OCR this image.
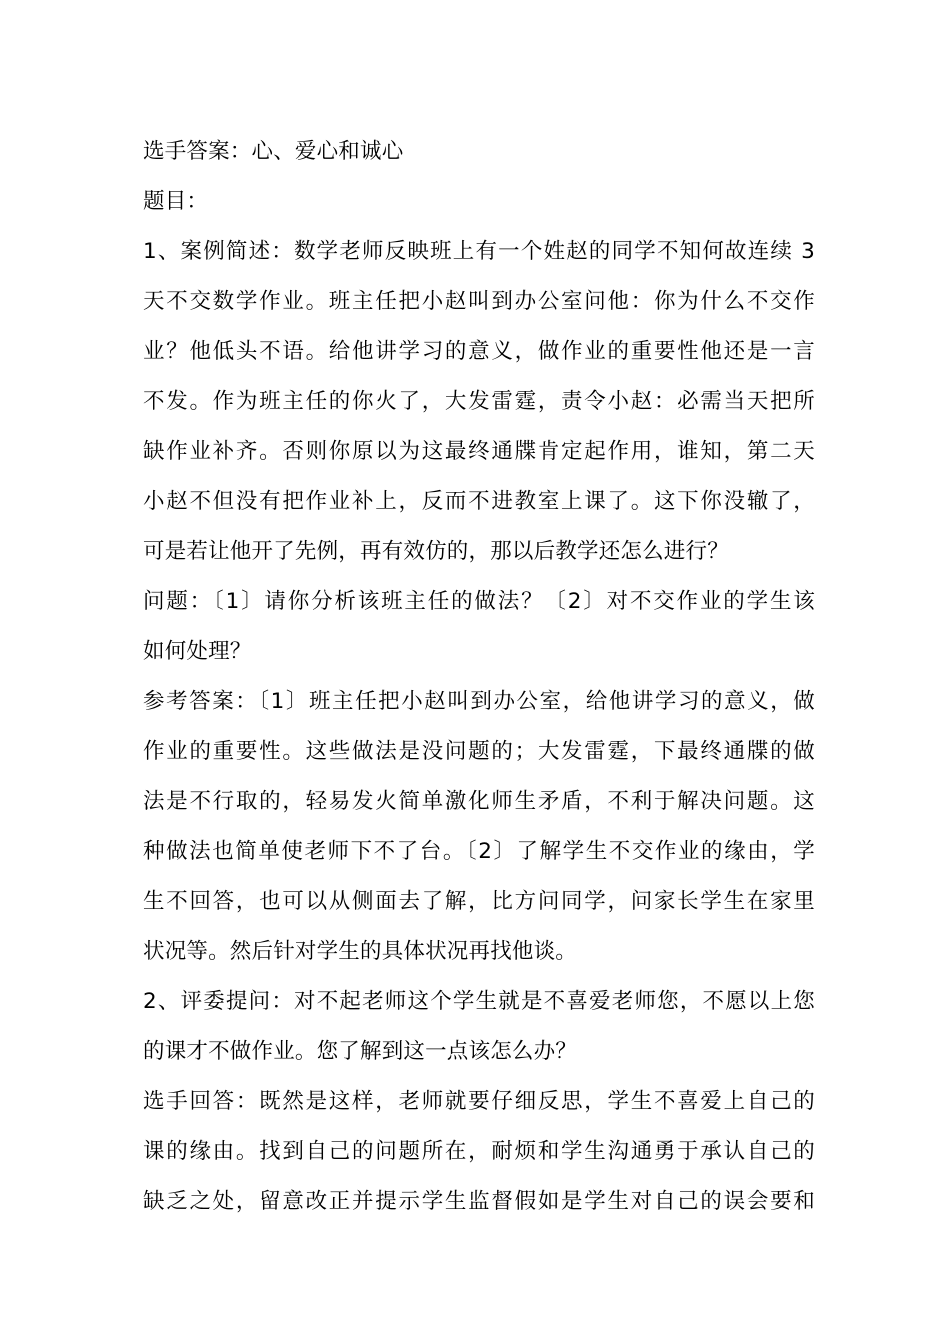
选手答案：心、爱心和诚心
题目：
1、案例简述：数学老师反映班上有一个姓赵的同学不知何故连续 3
天不交数学作业。班主任把小赵叫到办公室问他：你为什么不交作
业？他低头不语。给他讲学习的意义，做作业的重要性他还是一言
不发。作为班主任的你火了，大发雷霆，责令小赵：必需当天把所
缺作业补齐。否则你原以为这最终通牒肯定起作用，谁知，第二天
小赵不但没有把作业补上，反而不进教室上课了。这下你没辙了，
可是若让他开了先例，再有效仿的，那以后教学还怎么进行？
问题：〔1〕请你分析该班主任的做法？〔2〕对不交作业的学生该
如何处理？
参考答案：〔1〕班主任把小赵叫到办公室，给他讲学习的意义，做
作业的重要性。这些做法是没问题的；大发雷霆，下最终通牒的做
法是不行取的，轻易发火简单激化师生矛盾，不利于解决问题。这
种做法也简单使老师下不了台。〔2〕了解学生不交作业的缘由，学
生不回答，也可以从侧面去了解，比方问同学，问家长学生在家里
状况等。然后针对学生的具体状况再找他谈。
2、评委提问：对不起老师这个学生就是不喜爱老师您，不愿以上您
的课才不做作业。您了解到这一点该怎么办？
选手回答：既然是这样，老师就要仔细反思，学生不喜爱上自己的
课的缘由。找到自己的问题所在，耐烦和学生沟通勇于承认自己的
缺乏之处，留意改正并提示学生监督假如是学生对自己的误会要和
